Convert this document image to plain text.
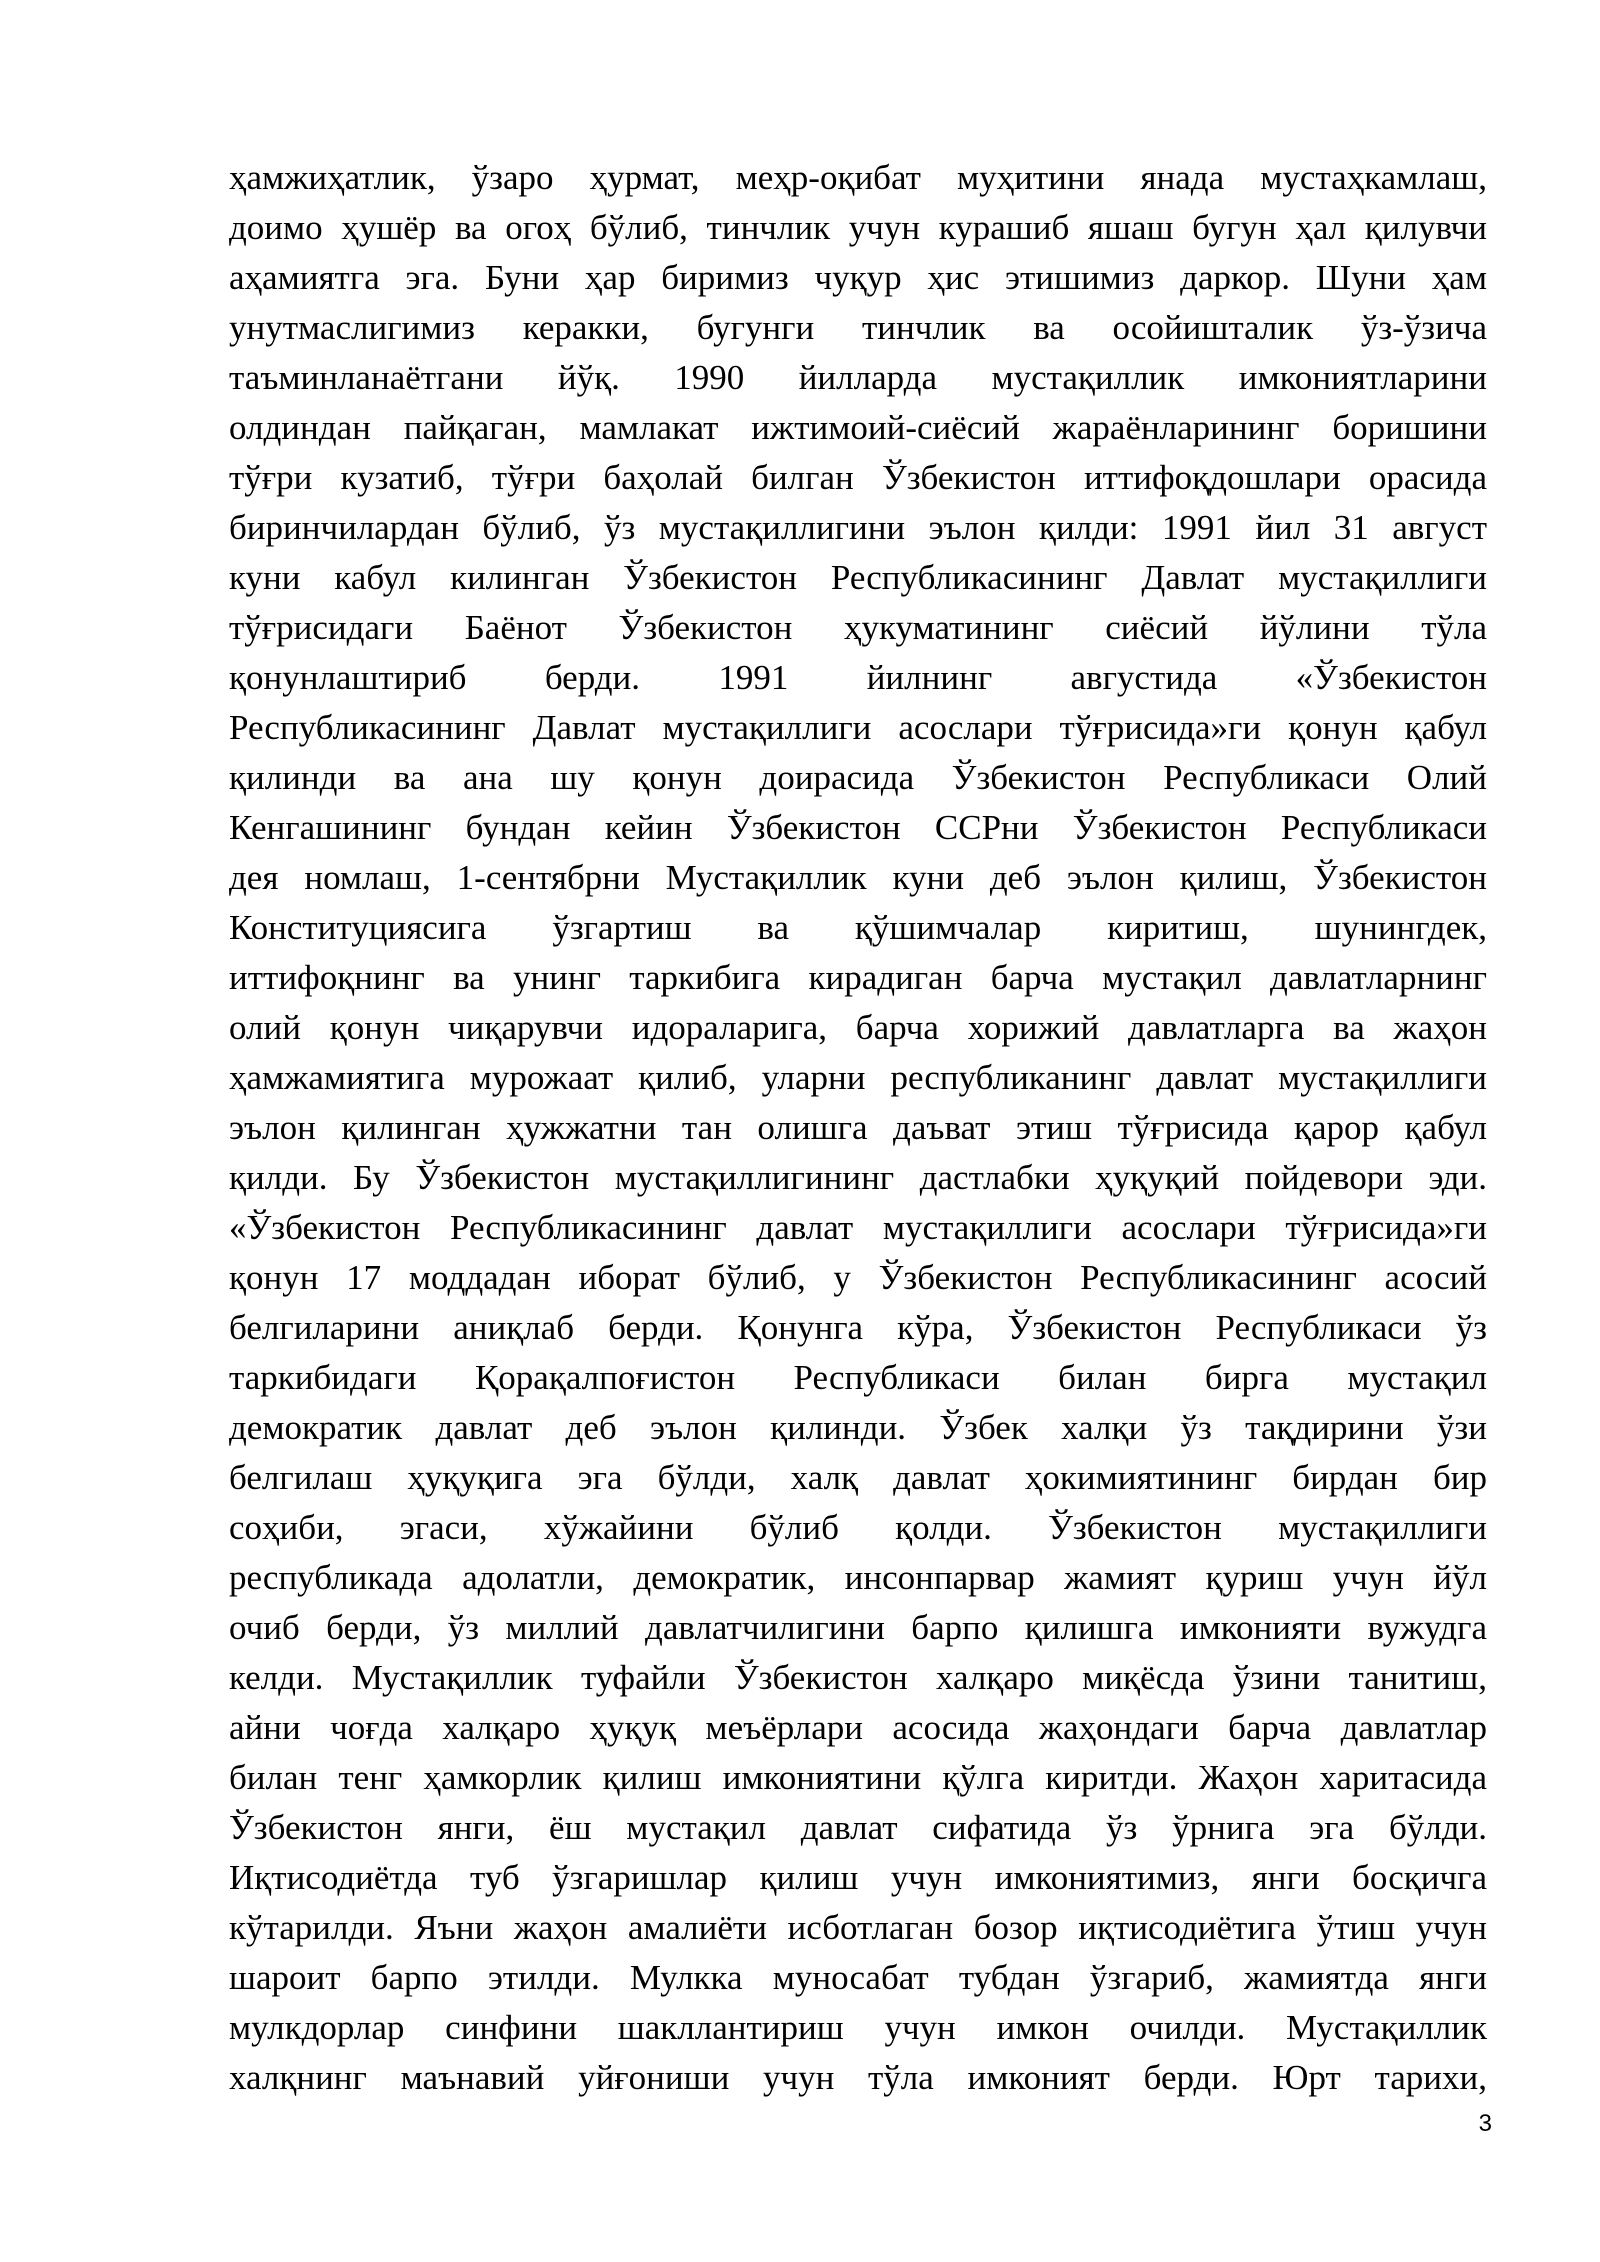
ҳамжиҳатлик, ўзаро ҳурмат, меҳр-оқибат муҳитини янада мустаҳкамлаш,
доимо ҳушёр ва огоҳ бўлиб, тинчлик учун курашиб яшаш бугун ҳал қилувчи
аҳамиятга эга. Буни ҳар биримиз чуқур ҳис этишимиз даркор. Шуни ҳам
унутмаслигимиз керакки, бугунги тинчлик ва осойишталик ўз-ўзича
таъминланаётгани йўқ. 1990 йилларда мустақиллик имкониятларини
олдиндан пайқаган, мамлакат ижтимоий-сиёсий жараёнларининг боришини
тўғри кузатиб, тўғри баҳолай билган Ўзбекистон иттифоқдошлари орасида
биринчилардан бўлиб, ўз мустақиллигини эълон қилди: 1991 йил 31 август
куни кабул килинган Ўзбекистон Республикасининг Давлат мустақиллиги
тўғрисидаги Баёнот Ўзбекистон ҳукуматининг сиёсий йўлини тўла
қонунлаштириб берди. 1991 йилнинг августида «Ўзбекистон
Республикасининг Давлат мустақиллиги асослари тўғрисида»ги қонун қабул
қилинди ва ана шу қонун доирасида Ўзбекистон Республикаси Олий
Кенгашининг бундан кейин Ўзбекистон ССРни Ўзбекистон Республикаси
дея номлаш, 1-сентябрни Мустақиллик куни деб эълон қилиш, Ўзбекистон
Конституциясига ўзгартиш ва қўшимчалар киритиш, шунингдек,
иттифоқнинг ва унинг таркибига кирадиган барча мустақил давлатларнинг
олий қонун чиқарувчи идораларига, барча хорижий давлатларга ва жаҳон
ҳамжамиятига мурожаат қилиб, уларни республиканинг давлат мустақиллиги
эълон қилинган ҳужжатни тан олишга даъват этиш тўғрисида қарор қабул
қилди. Бу Ўзбекистон мустақиллигининг дастлабки ҳуқуқий пойдевори эди.
«Ўзбекистон Республикасининг давлат мустақиллиги асослари тўғрисида»ги
қонун 17 моддадан иборат бўлиб, у Ўзбекистон Республикасининг асосий
белгиларини аниқлаб берди. Қонунга кўра, Ўзбекистон Республикаси ўз
таркибидаги Қорақалпоғистон Республикаси билан бирга мустақил
демократик давлат деб эълон қилинди. Ўзбек халқи ўз тақдирини ўзи
белгилаш ҳуқуқига эга бўлди, халқ давлат ҳокимиятининг бирдан бир
соҳиби, эгаси, хўжайини бўлиб қолди. Ўзбекистон мустақиллиги
республикада адолатли, демократик, инсонпарвар жамият қуриш учун йўл
очиб берди, ўз миллий давлатчилигини барпо қилишга имконияти вужудга
келди. Мустақиллик туфайли Ўзбекистон халқаро миқёсда ўзини танитиш,
айни чоғда халқаро ҳуқуқ меъёрлари асосида жаҳондаги барча давлатлар
билан тенг ҳамкорлик қилиш имкониятини қўлга киритди. Жаҳон харитасида
Ўзбекистон янги, ёш мустақил давлат сифатида ўз ўрнига эга бўлди.
Иқтисодиётда туб ўзгаришлар қилиш учун имкониятимиз, янги босқичга
кўтарилди. Яъни жаҳон амалиёти исботлаган бозор иқтисодиётига ўтиш учун
шароит барпо этилди. Мулкка муносабат тубдан ўзгариб, жамиятда янги
мулкдорлар синфини шакллантириш учун имкон очилди. Мустақиллик
халқнинг маънавий уйғониши учун тўла имконият берди. Юрт тарихи,
3
